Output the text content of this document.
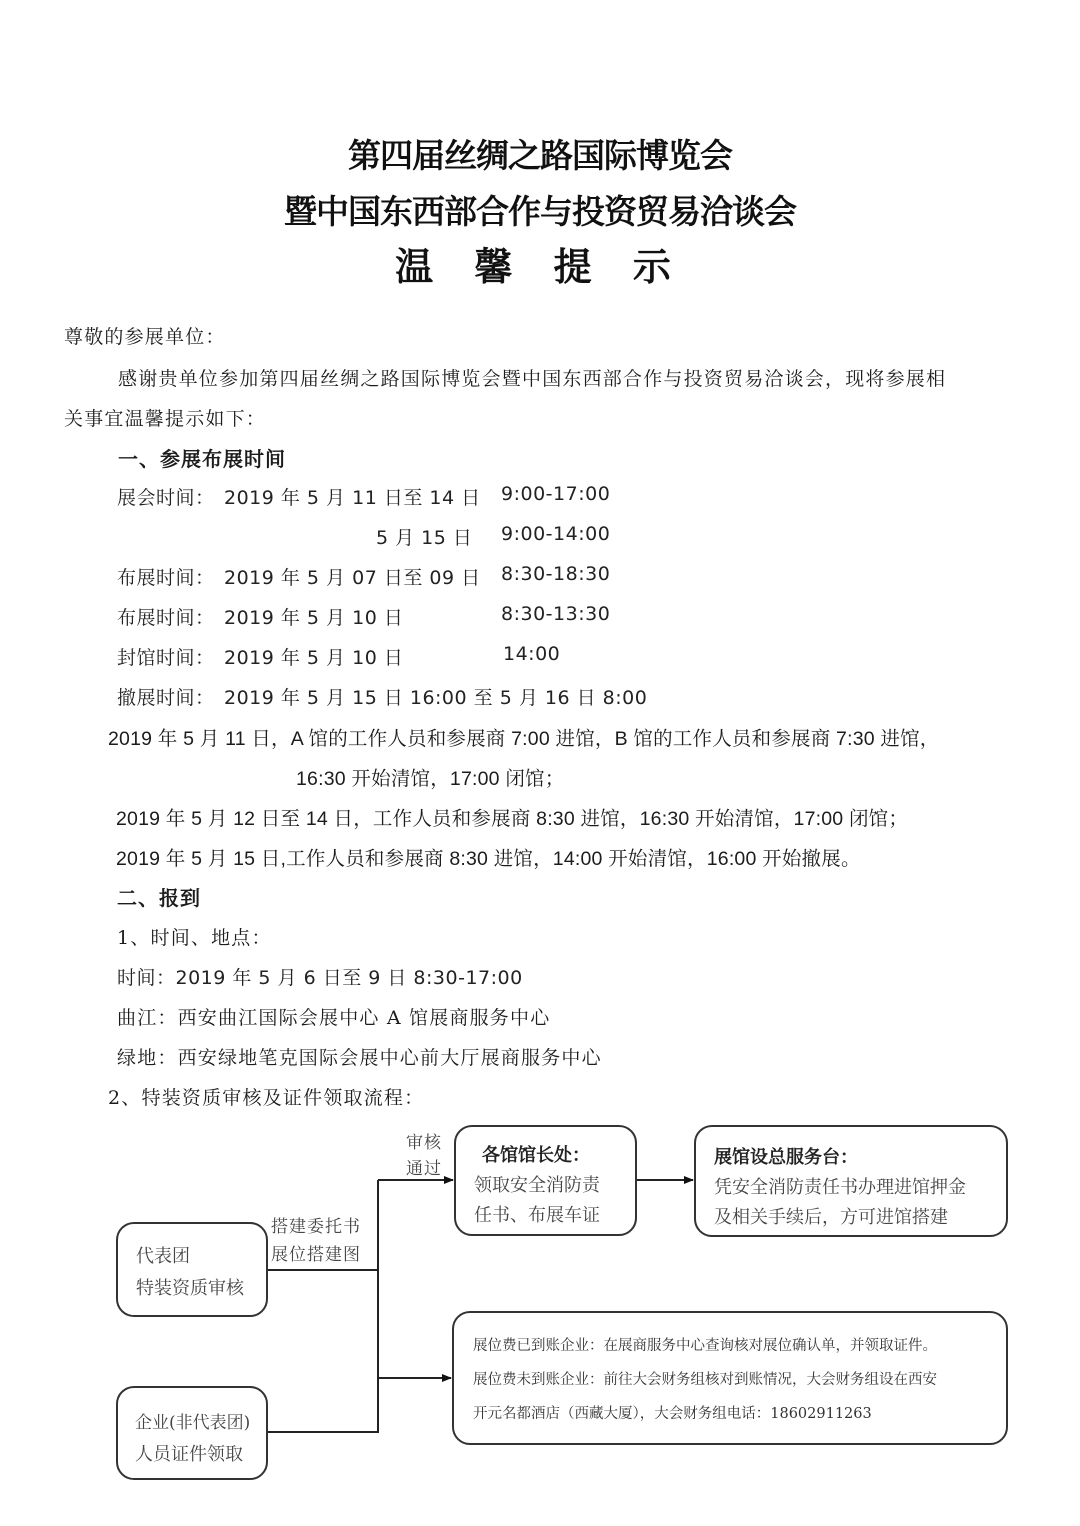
第四届丝绸之路国际博览会
暨中国东西部合作与投资贸易洽谈会
温 馨 提 示
尊敬的参展单位：
感谢贵单位参加第四届丝绸之路国际博览会暨中国东西部合作与投资贸易洽谈会，现将参展相
关事宜温馨提示如下：
一、参展布展时间
展会时间： 2019 年 5 月 11 日至 14 日 9:00-17:00
5 月 15 日 9:00-14:00
布展时间： 2019 年 5 月 07 日至 09 日 8:30-18:30
布展时间： 2019 年 5 月 10 日	8:30-13:30
封馆时间： 2019 年 5 月 10 日	14:00
撤展时间： 2019 年 5 月 15 日 16:00 至 5 月 16 日 8:00
2019 年 5 月 11 日，A 馆的工作人员和参展商 7:00 进馆，B 馆的工作人员和参展商 7:30 进馆，
16:30 开始清馆，17:00 闭馆；
2019 年 5 月 12 日至 14 日，工作人员和参展商 8:30 进馆，16:30 开始清馆，17:00 闭馆；
2019 年 5 月 15 日,工作人员和参展商 8:30 进馆，14:00 开始清馆，16:00 开始撤展。
二、报到
1、时间、地点：
时间：2019 年 5 月 6 日至 9 日 8:30-17:00
曲江：西安曲江国际会展中心 A 馆展商服务中心
绿地：西安绿地笔克国际会展中心前大厅展商服务中心
2、特装资质审核及证件领取流程：
搭建委托书
展位搭建图
审核
通过
代表团
特装资质审核
企业(非代表团)
人员证件领取
各馆馆长处：
领取安全消防责
任书、布展车证
展馆设总服务台：
凭安全消防责任书办理进馆押金
及相关手续后，方可进馆搭建
展位费已到账企业：在展商服务中心查询核对展位确认单，并领取证件。
展位费未到账企业：前往大会财务组核对到账情况，大会财务组设在西安
开元名都酒店（西藏大厦），大会财务组电话：18602911263
